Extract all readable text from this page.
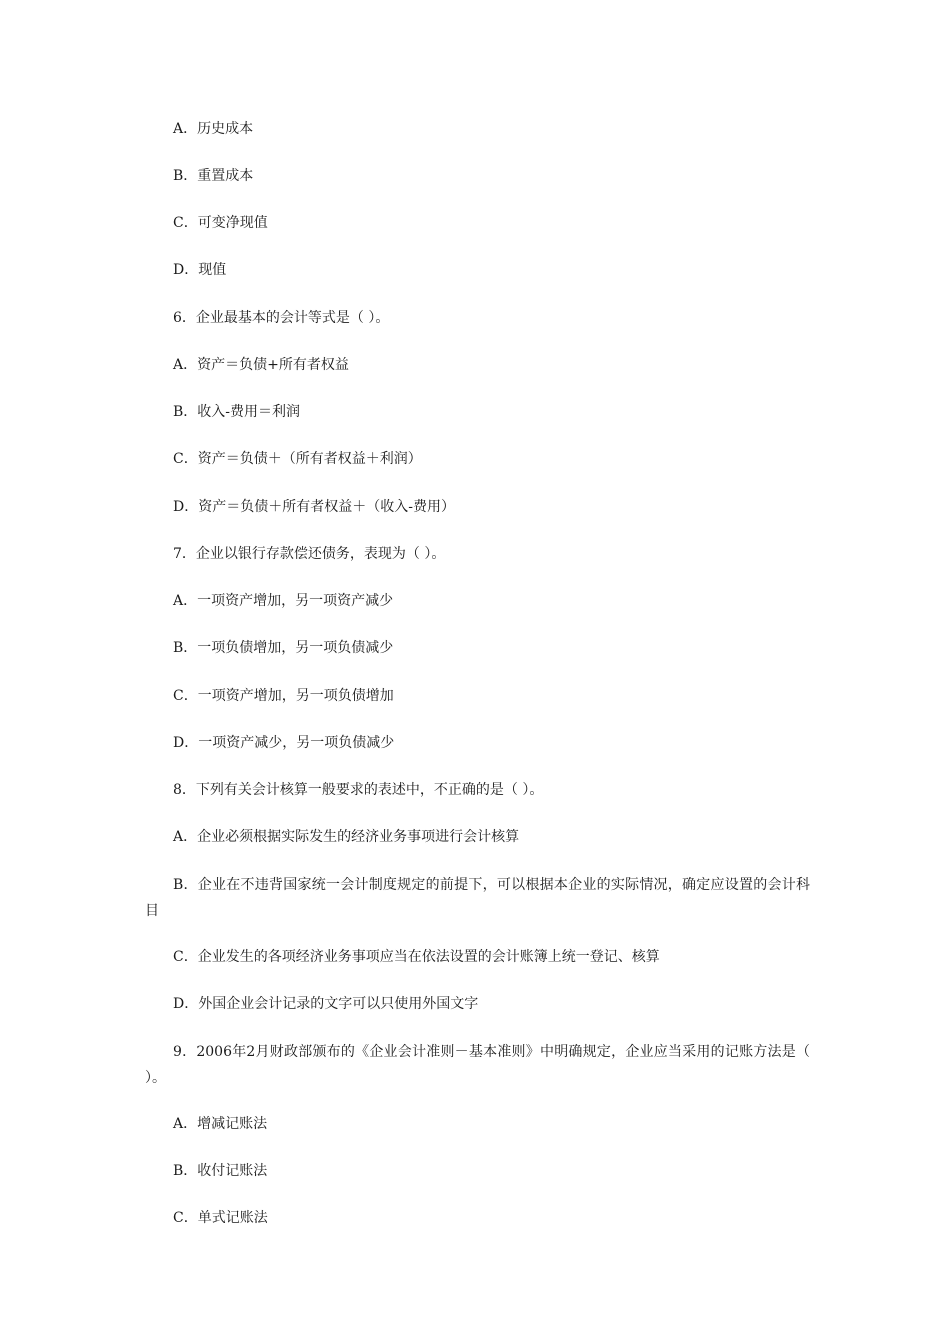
A．历史成本
B．重置成本
C．可变净现值
D．现值
6．企业最基本的会计等式是（ ）。
A．资产＝负债+所有者权益
B．收入-费用＝利润
C．资产＝负债＋（所有者权益＋利润）
D．资产＝负债＋所有者权益＋（收入-费用）
7．企业以银行存款偿还债务，表现为（ ）。
A．一项资产增加，另一项资产减少
B．一项负债增加，另一项负债减少
C．一项资产增加，另一项负债增加
D．一项资产减少，另一项负债减少
8．下列有关会计核算一般要求的表述中，不正确的是（ ）。
A．企业必须根据实际发生的经济业务事项进行会计核算
B．企业在不违背国家统一会计制度规定的前提下，可以根据本企业的实际情况，确定应设置的会计科目
C．企业发生的各项经济业务事项应当在依法设置的会计账簿上统一登记、核算
D．外国企业会计记录的文字可以只使用外国文字
9．2006年2月财政部颁布的《企业会计准则－基本准则》中明确规定，企业应当采用的记账方法是（ ）。
A．增减记账法
B．收付记账法
C．单式记账法
